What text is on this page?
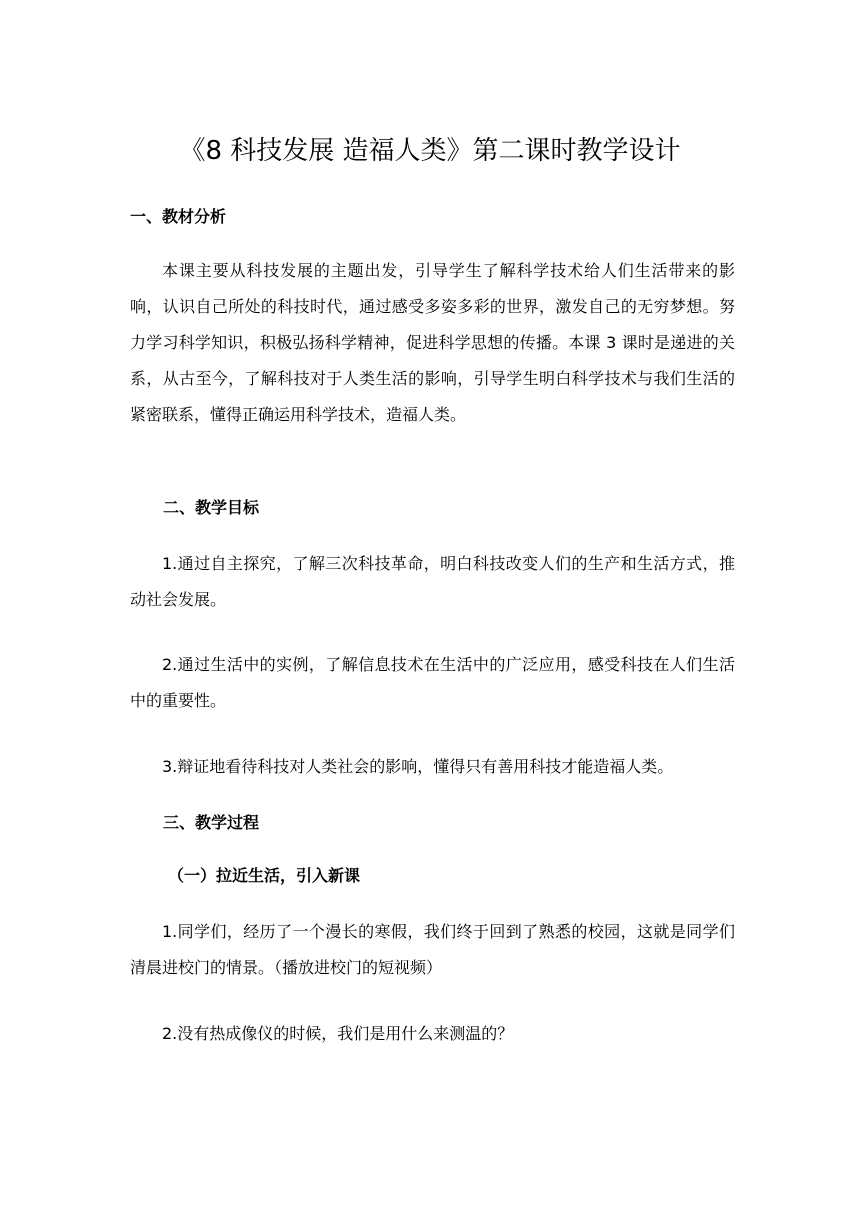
《8 科技发展 造福人类》第二课时教学设计
一、教材分析
本课主要从科技发展的主题出发，引导学生了解科学技术给人们生活带来的影响，认识自己所处的科技时代，通过感受多姿多彩的世界，激发自己的无穷梦想。努力学习科学知识，积极弘扬科学精神，促进科学思想的传播。本课 3 课时是递进的关系，从古至今，了解科技对于人类生活的影响，引导学生明白科学技术与我们生活的紧密联系，懂得正确运用科学技术，造福人类。
二、教学目标
1.通过自主探究，了解三次科技革命，明白科技改变人们的生产和生活方式，推动社会发展。
2.通过生活中的实例，了解信息技术在生活中的广泛应用，感受科技在人们生活中的重要性。
3.辩证地看待科技对人类社会的影响，懂得只有善用科技才能造福人类。
三、教学过程
（一）拉近生活，引入新课
1.同学们，经历了一个漫长的寒假，我们终于回到了熟悉的校园，这就是同学们清晨进校门的情景。（播放进校门的短视频）
2.没有热成像仪的时候，我们是用什么来测温的？
